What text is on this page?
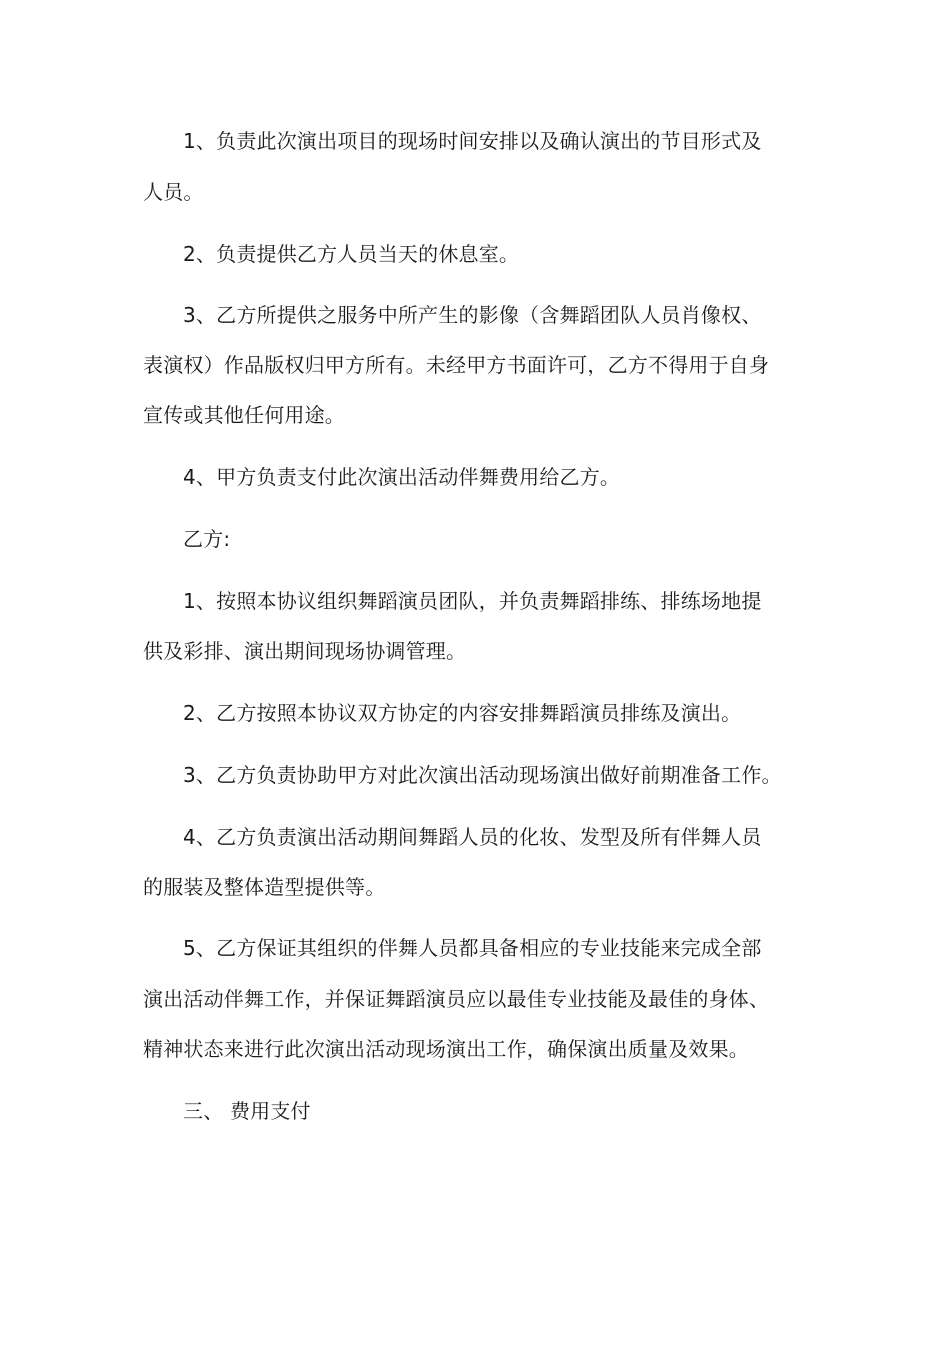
1、负责此次演出项目的现场时间安排以及确认演出的节目形式及
人员。
2、负责提供乙方人员当天的休息室。
3、乙方所提供之服务中所产生的影像（含舞蹈团队人员肖像权、
表演权）作品版权归甲方所有。未经甲方书面许可，乙方不得用于自身
宣传或其他任何用途。
4、甲方负责支付此次演出活动伴舞费用给乙方。
乙方:
1、按照本协议组织舞蹈演员团队，并负责舞蹈排练、排练场地提
供及彩排、演出期间现场协调管理。
2、乙方按照本协议双方协定的内容安排舞蹈演员排练及演出。
3、乙方负责协助甲方对此次演出活动现场演出做好前期准备工作。
4、乙方负责演出活动期间舞蹈人员的化妆、发型及所有伴舞人员
的服装及整体造型提供等。
5、乙方保证其组织的伴舞人员都具备相应的专业技能来完成全部
演出活动伴舞工作，并保证舞蹈演员应以最佳专业技能及最佳的身体、
精神状态来进行此次演出活动现场演出工作，确保演出质量及效果。
三、 费用支付
